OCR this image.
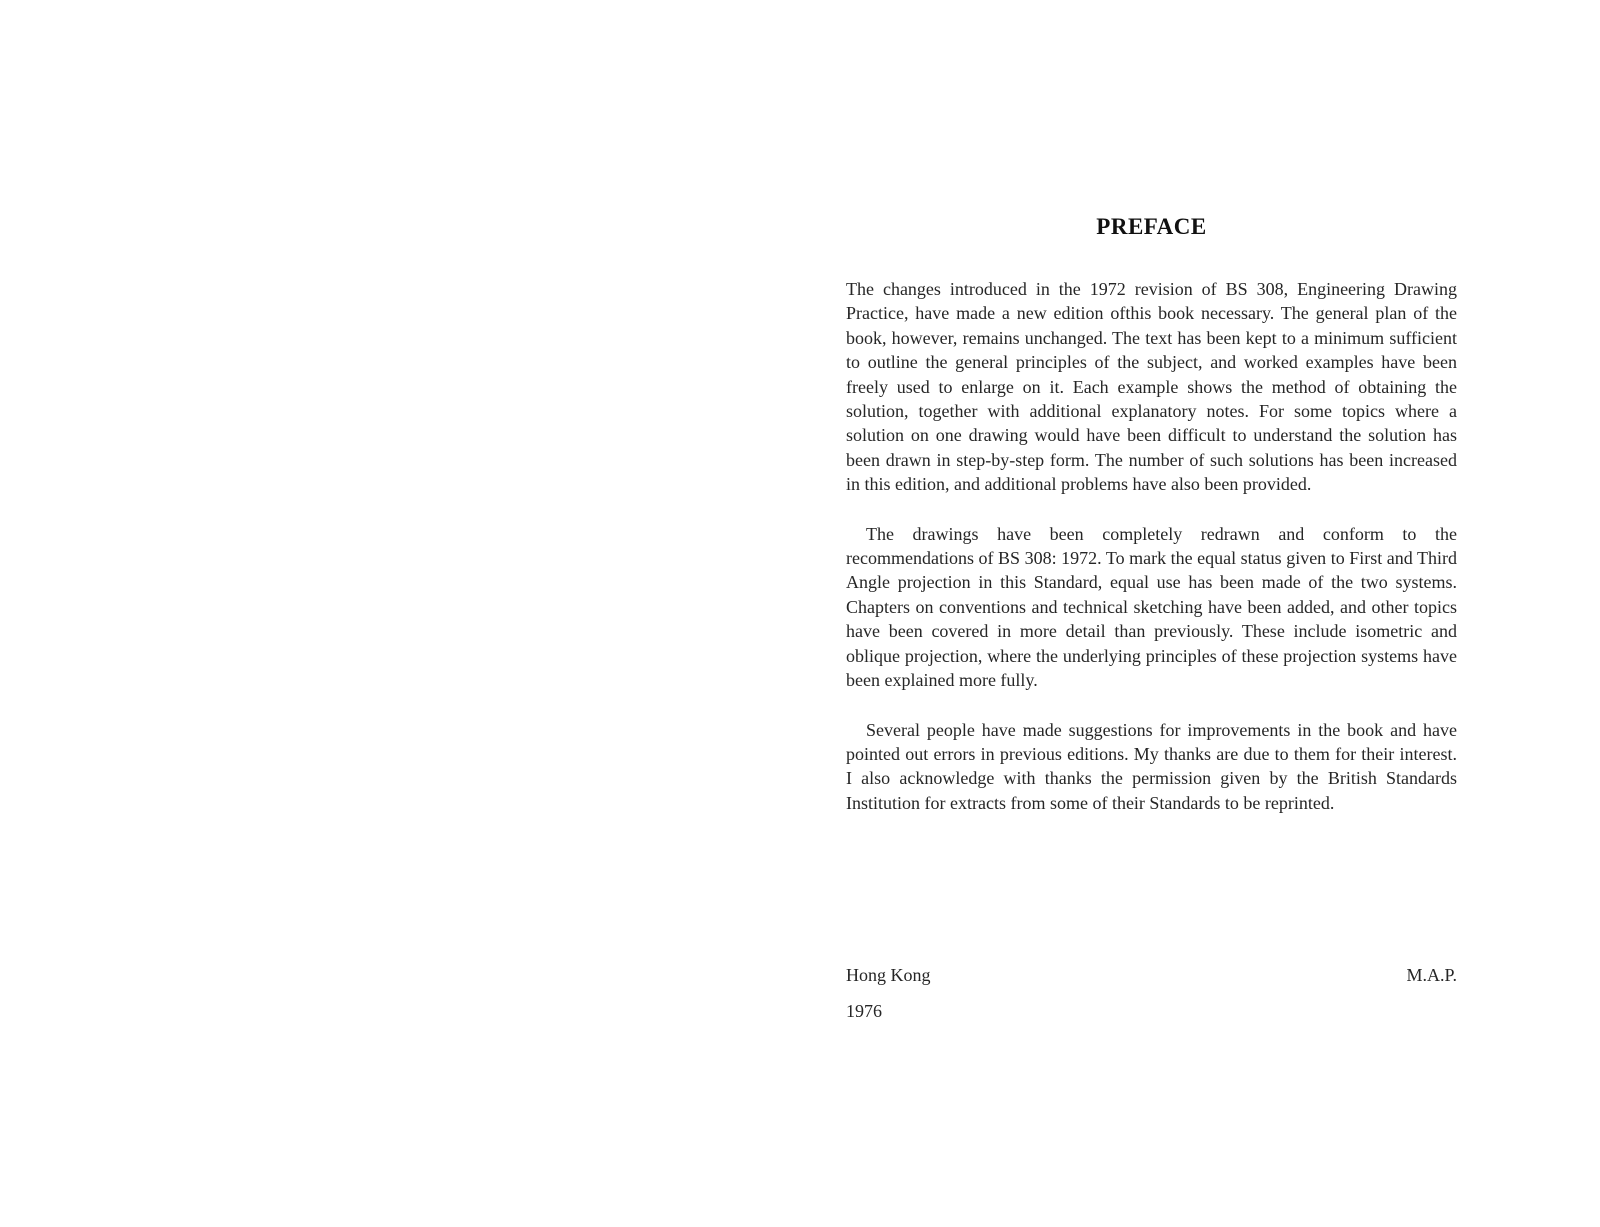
PREFACE

The changes introduced in the 1972 revision of BS 308, Engineering Drawing Practice, have made a new edition ofthis book necessary. The general plan of the book, however, remains unchanged. The text has been kept to a minimum sufficient to outline the general principles of the subject, and worked examples have been freely used to enlarge on it. Each example shows the method of obtaining the solution, together with additional explanatory notes. For some topics where a solution on one drawing would have been difficult to understand the solution has been drawn in step-by-step form. The number of such solutions has been increased in this edition, and additional problems have also been provided.

The drawings have been completely redrawn and conform to the recommendations of BS 308: 1972. To mark the equal status given to First and Third Angle projection in this Standard, equal use has been made of the two systems. Chapters on conventions and technical sketching have been added, and other topics have been covered in more detail than previously. These include isometric and oblique projection, where the underlying principles of these projection systems have been explained more fully.

Several people have made suggestions for improvements in the book and have pointed out errors in previous editions. My thanks are due to them for their interest. I also acknowledge with thanks the permission given by the British Standards Institution for extracts from some of their Standards to be reprinted.

Hong Kong	M.A.P.
1976
